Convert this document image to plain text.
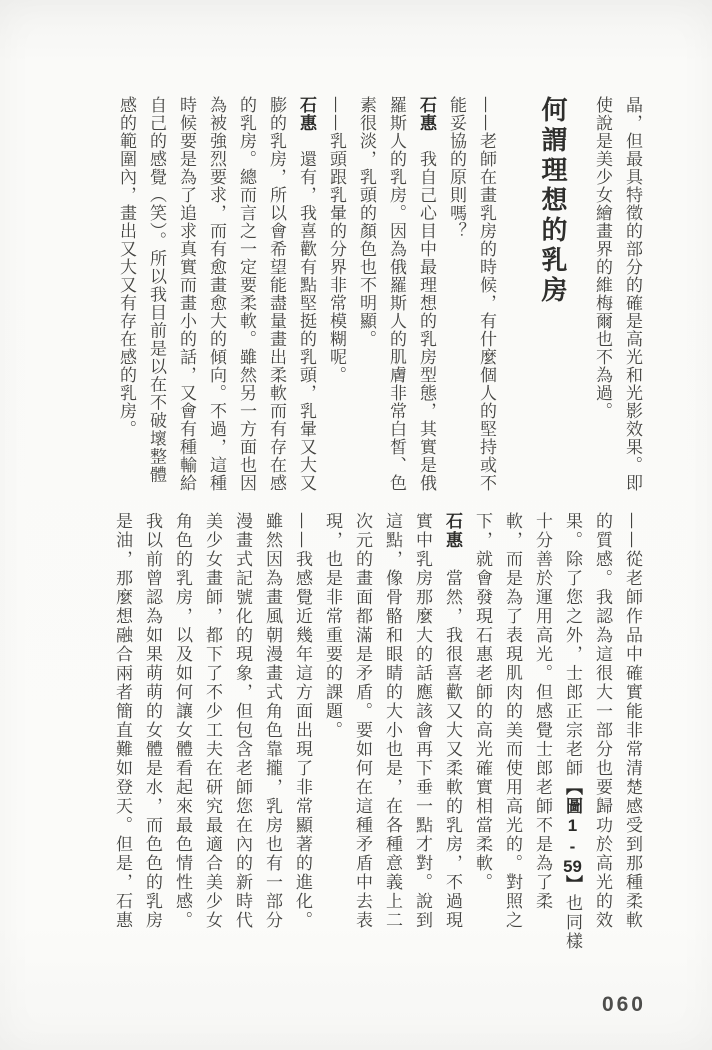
晶，但最具特徵的部分的確是高光和光影效果。即
使說是美少女繪畫界的維梅爾也不為過。
何謂理想的乳房
——老師在畫乳房的時候，有什麼個人的堅持或不
能妥協的原則嗎？
石惠　我自己心目中最理想的乳房型態，其實是俄
羅斯人的乳房。因為俄羅斯人的肌膚非常白皙、色
素很淡，乳頭的顏色也不明顯。
——乳頭跟乳暈的分界非常模糊呢。
石惠　還有，我喜歡有點堅挺的乳頭，乳暈又大又
膨的乳房，所以會希望能盡量畫出柔軟而有存在感
的乳房。總而言之一定要柔軟。雖然另一方面也因
為被強烈要求，而有愈畫愈大的傾向。不過，這種
時候要是為了追求真實而畫小的話，又會有種輸給
自己的感覺（笑）。所以我目前是以在不破壞整體
感的範圍內，畫出又大又有存在感的乳房。
——從老師作品中確實能非常清楚感受到那種柔軟
的質感。我認為這很大一部分也要歸功於高光的效
果。除了您之外，士郎正宗老師【圖1-59】也同樣
十分善於運用高光。但感覺士郎老師不是為了柔
軟，而是為了表現肌肉的美而使用高光的。對照之
下，就會發現石惠老師的高光確實相當柔軟。
石惠　當然，我很喜歡又大又柔軟的乳房，不過現
實中乳房那麼大的話應該會再下垂一點才對。說到
這點，像骨骼和眼睛的大小也是，在各種意義上二
次元的畫面都滿是矛盾。要如何在這種矛盾中去表
現，也是非常重要的課題。
——我感覺近幾年這方面出現了非常顯著的進化。
雖然因為畫風朝漫畫式角色靠攏，乳房也有一部分
漫畫式記號化的現象，但包含老師您在內的新時代
美少女畫師，都下了不少工夫在研究最適合美少女
角色的乳房，以及如何讓女體看起來最色情性感。
我以前曾認為如果萌萌的女體是水，而色色的乳房
是油，那麼想融合兩者簡直難如登天。但是，石惠
060
